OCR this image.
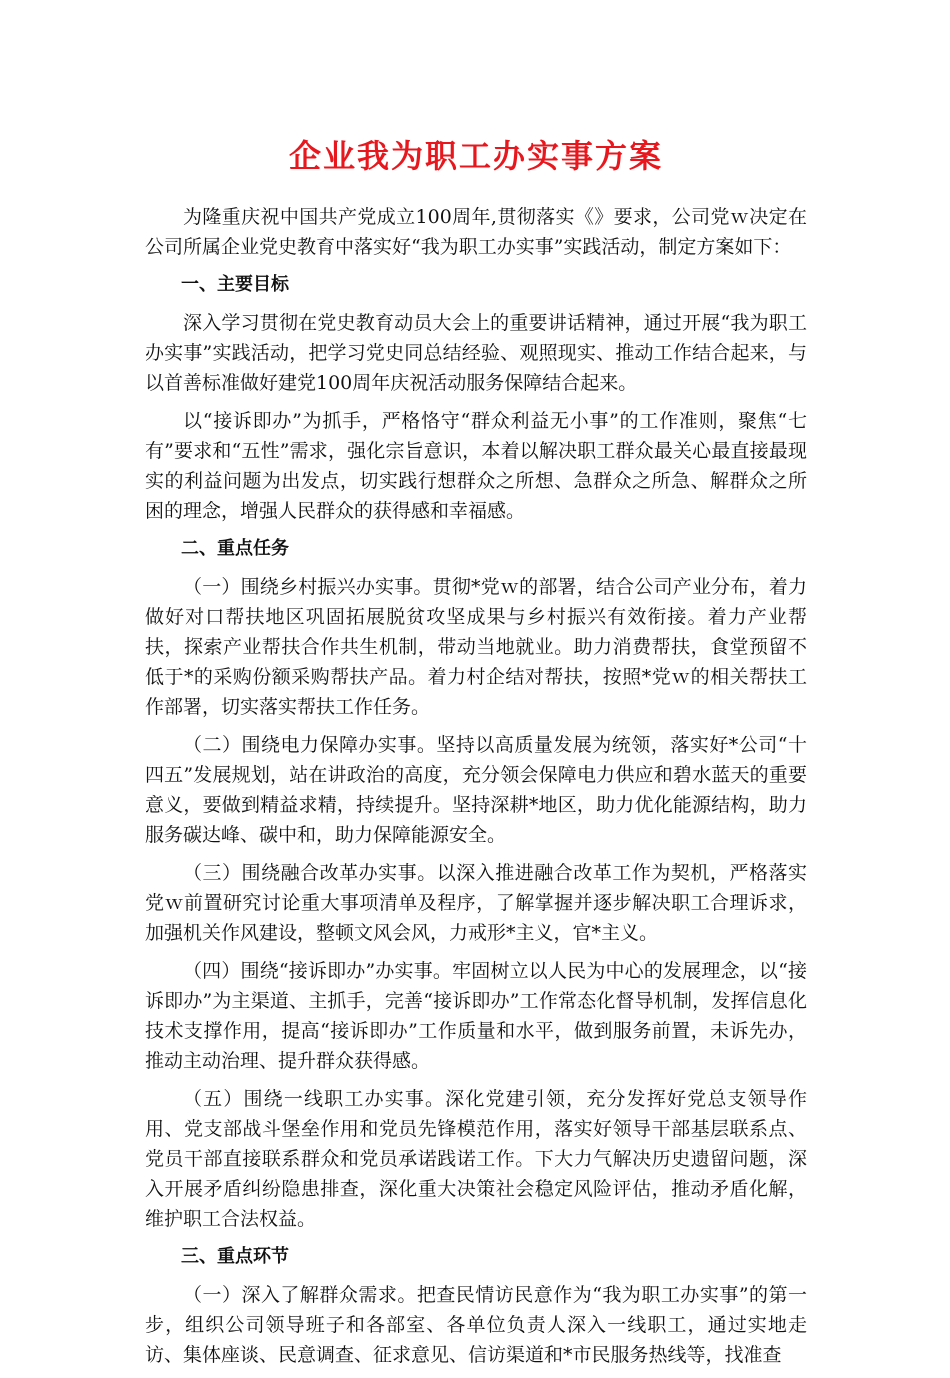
企业我为职工办实事方案

为隆重庆祝中国共产党成立100周年,贯彻落实《》要求，公司党ｗ决定在公司所属企业党史教育中落实好“我为职工办实事”实践活动，制定方案如下：

一、主要目标

深入学习贯彻在党史教育动员大会上的重要讲话精神，通过开展“我为职工办实事”实践活动，把学习党史同总结经验、观照现实、推动工作结合起来，与以首善标准做好建党100周年庆祝活动服务保障结合起来。

以“接诉即办”为抓手，严格恪守“群众利益无小事”的工作准则，聚焦“七有”要求和“五性”需求，强化宗旨意识，本着以解决职工群众最关心最直接最现实的利益问题为出发点，切实践行想群众之所想、急群众之所急、解群众之所困的理念，增强人民群众的获得感和幸福感。

二、重点任务

（一）围绕乡村振兴办实事。贯彻*党ｗ的部署，结合公司产业分布，着力做好对口帮扶地区巩固拓展脱贫攻坚成果与乡村振兴有效衔接。着力产业帮扶，探索产业帮扶合作共生机制，带动当地就业。助力消费帮扶，食堂预留不低于*的采购份额采购帮扶产品。着力村企结对帮扶，按照*党ｗ的相关帮扶工作部署，切实落实帮扶工作任务。

（二）围绕电力保障办实事。坚持以高质量发展为统领，落实好*公司“十四五”发展规划，站在讲政治的高度，充分领会保障电力供应和碧水蓝天的重要意义，要做到精益求精，持续提升。坚持深耕*地区，助力优化能源结构，助力服务碳达峰、碳中和，助力保障能源安全。

（三）围绕融合改革办实事。以深入推进融合改革工作为契机，严格落实党ｗ前置研究讨论重大事项清单及程序，了解掌握并逐步解决职工合理诉求，加强机关作风建设，整顿文风会风，力戒形*主义，官*主义。

（四）围绕“接诉即办”办实事。牢固树立以人民为中心的发展理念，以“接诉即办”为主渠道、主抓手，完善“接诉即办”工作常态化督导机制，发挥信息化技术支撑作用，提高“接诉即办”工作质量和水平，做到服务前置，未诉先办，推动主动治理、提升群众获得感。

（五）围绕一线职工办实事。深化党建引领，充分发挥好党总支领导作用、党支部战斗堡垒作用和党员先锋模范作用，落实好领导干部基层联系点、党员干部直接联系群众和党员承诺践诺工作。下大力气解决历史遗留问题，深入开展矛盾纠纷隐患排查，深化重大决策社会稳定风险评估，推动矛盾化解，维护职工合法权益。

三、重点环节

（一）深入了解群众需求。把查民情访民意作为“我为职工办实事”的第一步，组织公司领导班子和各部室、各单位负责人深入一线职工，通过实地走访、集体座谈、民意调查、征求意见、信访渠道和*市民服务热线等，找准查
